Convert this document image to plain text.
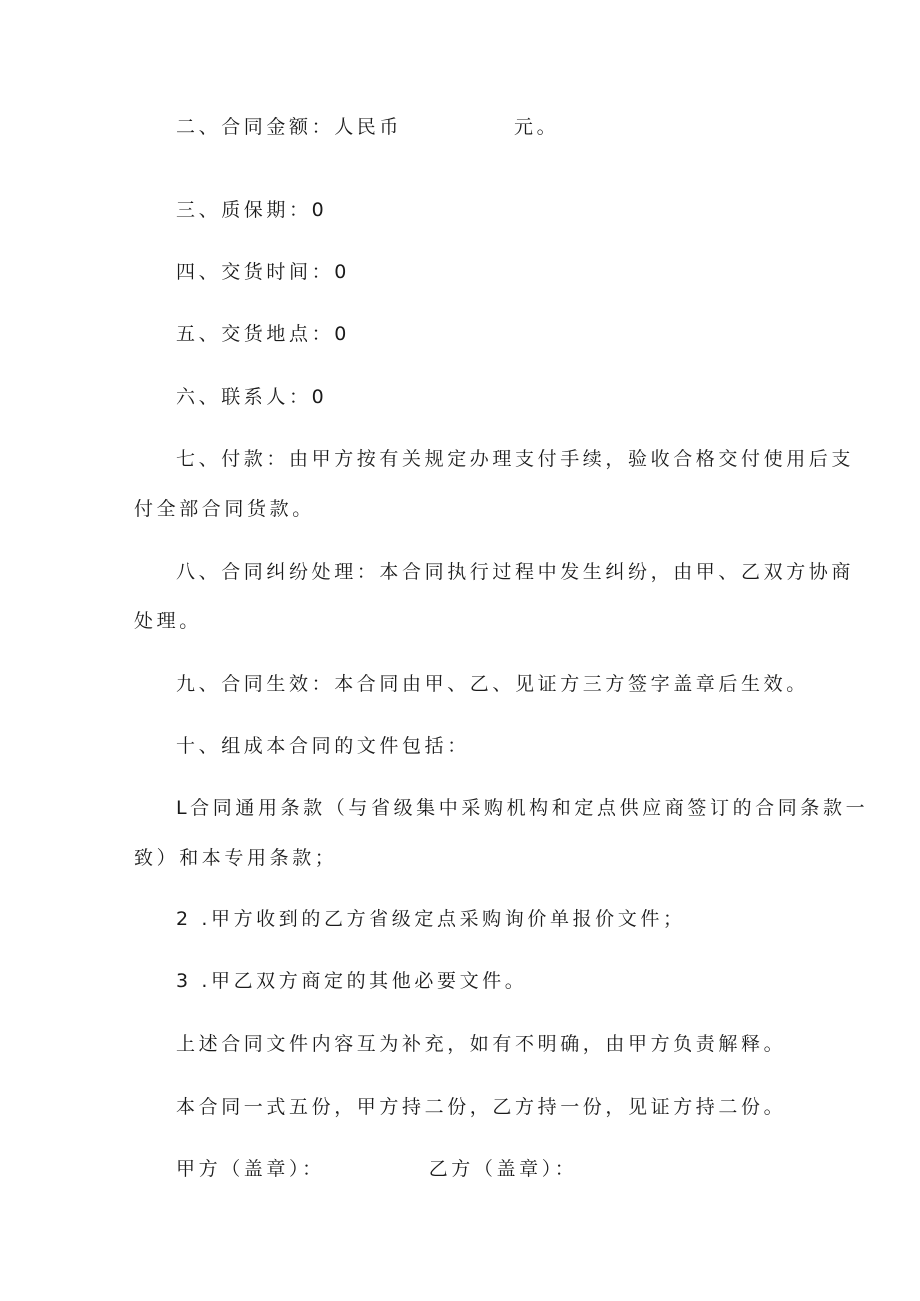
二、合同金额：人民币	元。
三、质保期：0
四、交货时间：0
五、交货地点：0
六、联系人：0
七、付款：由甲方按有关规定办理支付手续，验收合格交付使用后支
付全部合同货款。
八、合同纠纷处理：本合同执行过程中发生纠纷，由甲、乙双方协商
处理。
九、合同生效：本合同由甲、乙、见证方三方签字盖章后生效。
十、组成本合同的文件包括：
L合同通用条款（与省级集中采购机构和定点供应商签订的合同条款一
致）和本专用条款；
2 .甲方收到的乙方省级定点采购询价单报价文件；
3 .甲乙双方商定的其他必要文件。
上述合同文件内容互为补充，如有不明确，由甲方负责解释。
本合同一式五份，甲方持二份，乙方持一份，见证方持二份。
甲方（盖章）：	乙方（盖章）：
